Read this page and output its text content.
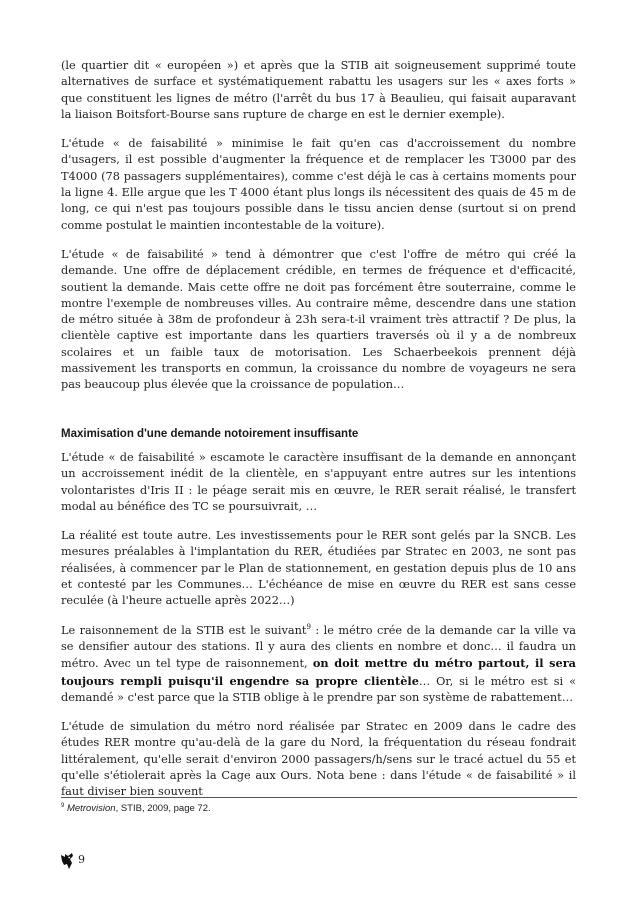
(le quartier dit « européen ») et après que la STIB ait soigneusement supprimé toute alternatives de surface et systématiquement rabattu les usagers sur les « axes forts » que constituent les lignes de métro (l'arrêt du bus 17 à Beaulieu, qui faisait auparavant la liaison Boitsfort-Bourse sans rupture de charge en est le dernier exemple).

L'étude « de faisabilité » minimise le fait qu'en cas d'accroissement du nombre d'usagers, il est possible d'augmenter la fréquence et de remplacer les T3000 par des T4000 (78 passagers supplémentaires), comme c'est déjà le cas à certains moments pour la ligne 4. Elle argue que les T 4000 étant plus longs ils nécessitent des quais de 45 m de long, ce qui n'est pas toujours possible dans le tissu ancien dense (surtout si on prend comme postulat le maintien incontestable de la voiture).

L'étude « de faisabilité » tend à démontrer que c'est l'offre de métro qui créé la demande. Une offre de déplacement crédible, en termes de fréquence et d'efficacité, soutient la demande. Mais cette offre ne doit pas forcément être souterraine, comme le montre l'exemple de nombreuses villes. Au contraire même, descendre dans une station de métro située à 38m de profondeur à 23h sera-t-il vraiment très attractif ? De plus, la clientèle captive est importante dans les quartiers traversés où il y a de nombreux scolaires et un faible taux de motorisation. Les Schaerbeekois prennent déjà massivement les transports en commun, la croissance du nombre de voyageurs ne sera pas beaucoup plus élevée que la croissance de population…

Maximisation d'une demande notoirement insuffisante

L'étude « de faisabilité » escamote le caractère insuffisant de la demande en annonçant un accroissement inédit de la clientèle, en s'appuyant entre autres sur les intentions volontaristes d'Iris II : le péage serait mis en œuvre, le RER serait réalisé, le transfert modal au bénéfice des TC se poursuivrait, …

La réalité est toute autre. Les investissements pour le RER sont gelés par la SNCB. Les mesures préalables à l'implantation du RER, étudiées par Stratec en 2003, ne sont pas réalisées, à commencer par le Plan de stationnement, en gestation depuis plus de 10 ans et contesté par les Communes… L'échéance de mise en œuvre du RER est sans cesse reculée (à l'heure actuelle après 2022…)

Le raisonnement de la STIB est le suivant$^9$ : le métro crée de la demande car la ville va se densifier autour des stations. Il y aura des clients en nombre et donc… il faudra un métro. Avec un tel type de raisonnement, on doit mettre du métro partout, il sera toujours rempli puisqu'il engendre sa propre clientèle… Or, si le métro est si « demandé » c'est parce que la STIB oblige à le prendre par son système de rabattement…

L'étude de simulation du métro nord réalisée par Stratec en 2009 dans le cadre des études RER montre qu'au-delà de la gare du Nord, la fréquentation du réseau fondrait littéralement, qu'elle serait d'environ 2000 passagers/h/sens sur le tracé actuel du 55 et qu'elle s'étiolerait après la Cage aux Ours. Nota bene : dans l'étude « de faisabilité » il faut diviser bien souvent

$^9$ Metrovision, STIB, 2009, page 72.
9
